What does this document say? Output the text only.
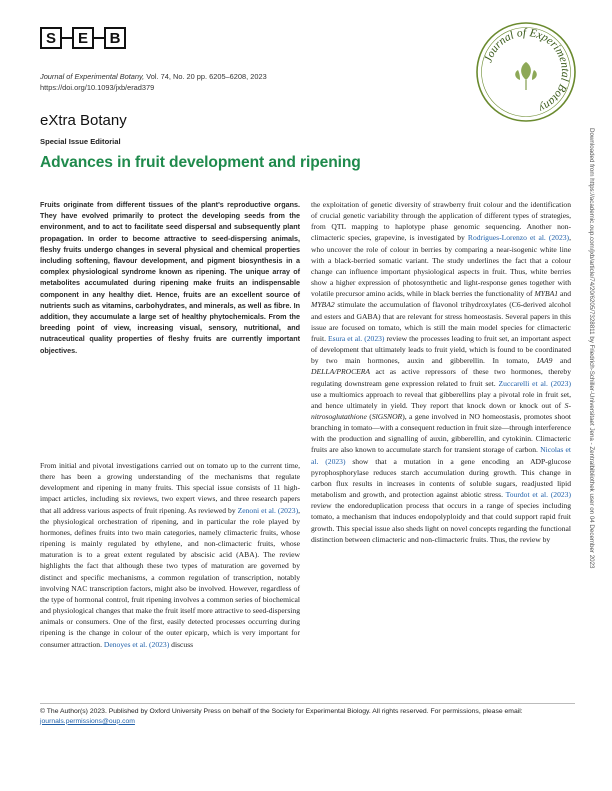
S	E	B
Journal of Experimental Botany
Journal of Experimental Botany, Vol. 74, No. 20 pp. 6205–6208, 2023
https://doi.org/10.1093/jxb/erad379
eXtra Botany
Special Issue Editorial
Advances in fruit development and ripening
Fruits originate from different tissues of the plant's reproductive organs. They have evolved primarily to protect the developing seeds from the environment, and to act to facilitate seed dispersal and subsequently plant propagation. In order to become attractive to seed-dispersing animals, fleshy fruits undergo changes in several physical and chemical properties including softening, flavour development, and pigment biosynthesis in a complex physiological syndrome known as ripening. The unique array of metabolites accumulated during ripening make fruits an indispensable component in any healthy diet. Hence, fruits are an excellent source of nutrients such as vitamins, carbohydrates, and minerals, as well as fibre. In addition, they accumulate a large set of healthy phytochemicals. From the breeding point of view, increasing visual, sensory, nutritional, and nutraceutical quality properties of fleshy fruits are currently important objectives.

From initial and pivotal investigations carried out on tomato up to the current time, there has been a growing understanding of the mechanisms that regulate development and ripening in many fruits. This special issue consists of 11 high-impact articles, including six reviews, two expert views, and three research papers that all address various aspects of fruit ripening. As reviewed by Zenoni et al. (2023), the physiological orchestration of ripening, and in particular the role played by hormones, defines fruits into two main categories, namely climacteric fruits, whose ripening is mainly regulated by ethylene, and non-climacteric fruits, whose maturation is to a great extent regulated by abscisic acid (ABA). The review highlights the fact that although these two types of maturation are governed by distinct and specific mechanisms, a common regulation of transcription, notably involving NAC transcription factors, might also be involved. However, regardless of the type of hormonal control, fruit ripening involves a common series of biochemical and physiological changes that make the fruit itself more attractive to seed-dispersing animals or consumers. One of the first, easily detected processes occurring during ripening is the change in colour of the outer epicarp, which is very important for consumer attraction. Denoyes et al. (2023) discuss

the exploitation of genetic diversity of strawberry fruit colour and the identification of crucial genetic variability through the application of different types of strategies, from QTL mapping to haplotype phase genomic sequencing. Another non-climacteric species, grapevine, is investigated by Rodrigues-Lorenzo et al. (2023), who uncover the role of colour in berries by comparing a near-isogenic white line with a black-berried somatic variant. The study underlines the fact that a colour change can influence important physiological aspects in fruit. Thus, white berries show a higher expression of photosynthetic and light-response genes together with volatile precursor amino acids, while in black berries the functionality of MYBA1 and MYBA2 stimulate the accumulation of flavonol trihydroxylates (C6-derived alcohol and esters and GABA) that are relevant for stress homeostasis. Several papers in this issue are focused on tomato, which is still the main model species for climacteric fruit. Esura et al. (2023) review the processes leading to fruit set, an important aspect of development that ultimately leads to fruit yield, which is found to be coordinated by two main hormones, auxin and gibberellin. In tomato, IAA9 and DELLA/PROCERA act as active repressors of these two hormones, thereby regulating downstream gene expression related to fruit set. Zuccarelli et al. (2023) use a multiomics approach to reveal that gibberellins play a pivotal role in fruit set, and hence ultimately in yield. They report that knock down or knock out of S-nitrosoglutathione (SlGSNOR), a gene involved in NO homeostasis, promotes shoot branching in tomato—with a consequent reduction in fruit size—through interference with the production and signalling of auxin, gibberellin, and cytokinin. Climacteric fruits are also known to accumulate starch for transient storage of carbon. Nicolas et al. (2023) show that a mutation in a gene encoding an ADP-glucose pyrophosphorylase reduces starch accumulation during growth. This change in carbon flux results in increases in contents of soluble sugars, readjusted lipid metabolism and growth, and protection against abiotic stress. Tourdot et al. (2023) review the endoreduplication process that occurs in a range of species including tomato, a mechanism that induces endopolyploidy and that could support rapid fruit growth. This special issue also sheds light on novel concepts regarding the functional distinction between climacteric and non-climacteric fruits. Thus, the review by

© The Author(s) 2023. Published by Oxford University Press on behalf of the Society for Experimental Biology. All rights reserved. For permissions, please email:
journals.permissions@oup.com
Downloaded from https://academic.oup.com/jxb/article/74/20/6205/7328811 by Friedrich-Schiller-Universitaet Jena - Zentralbibliothek user on 04 December 2023
